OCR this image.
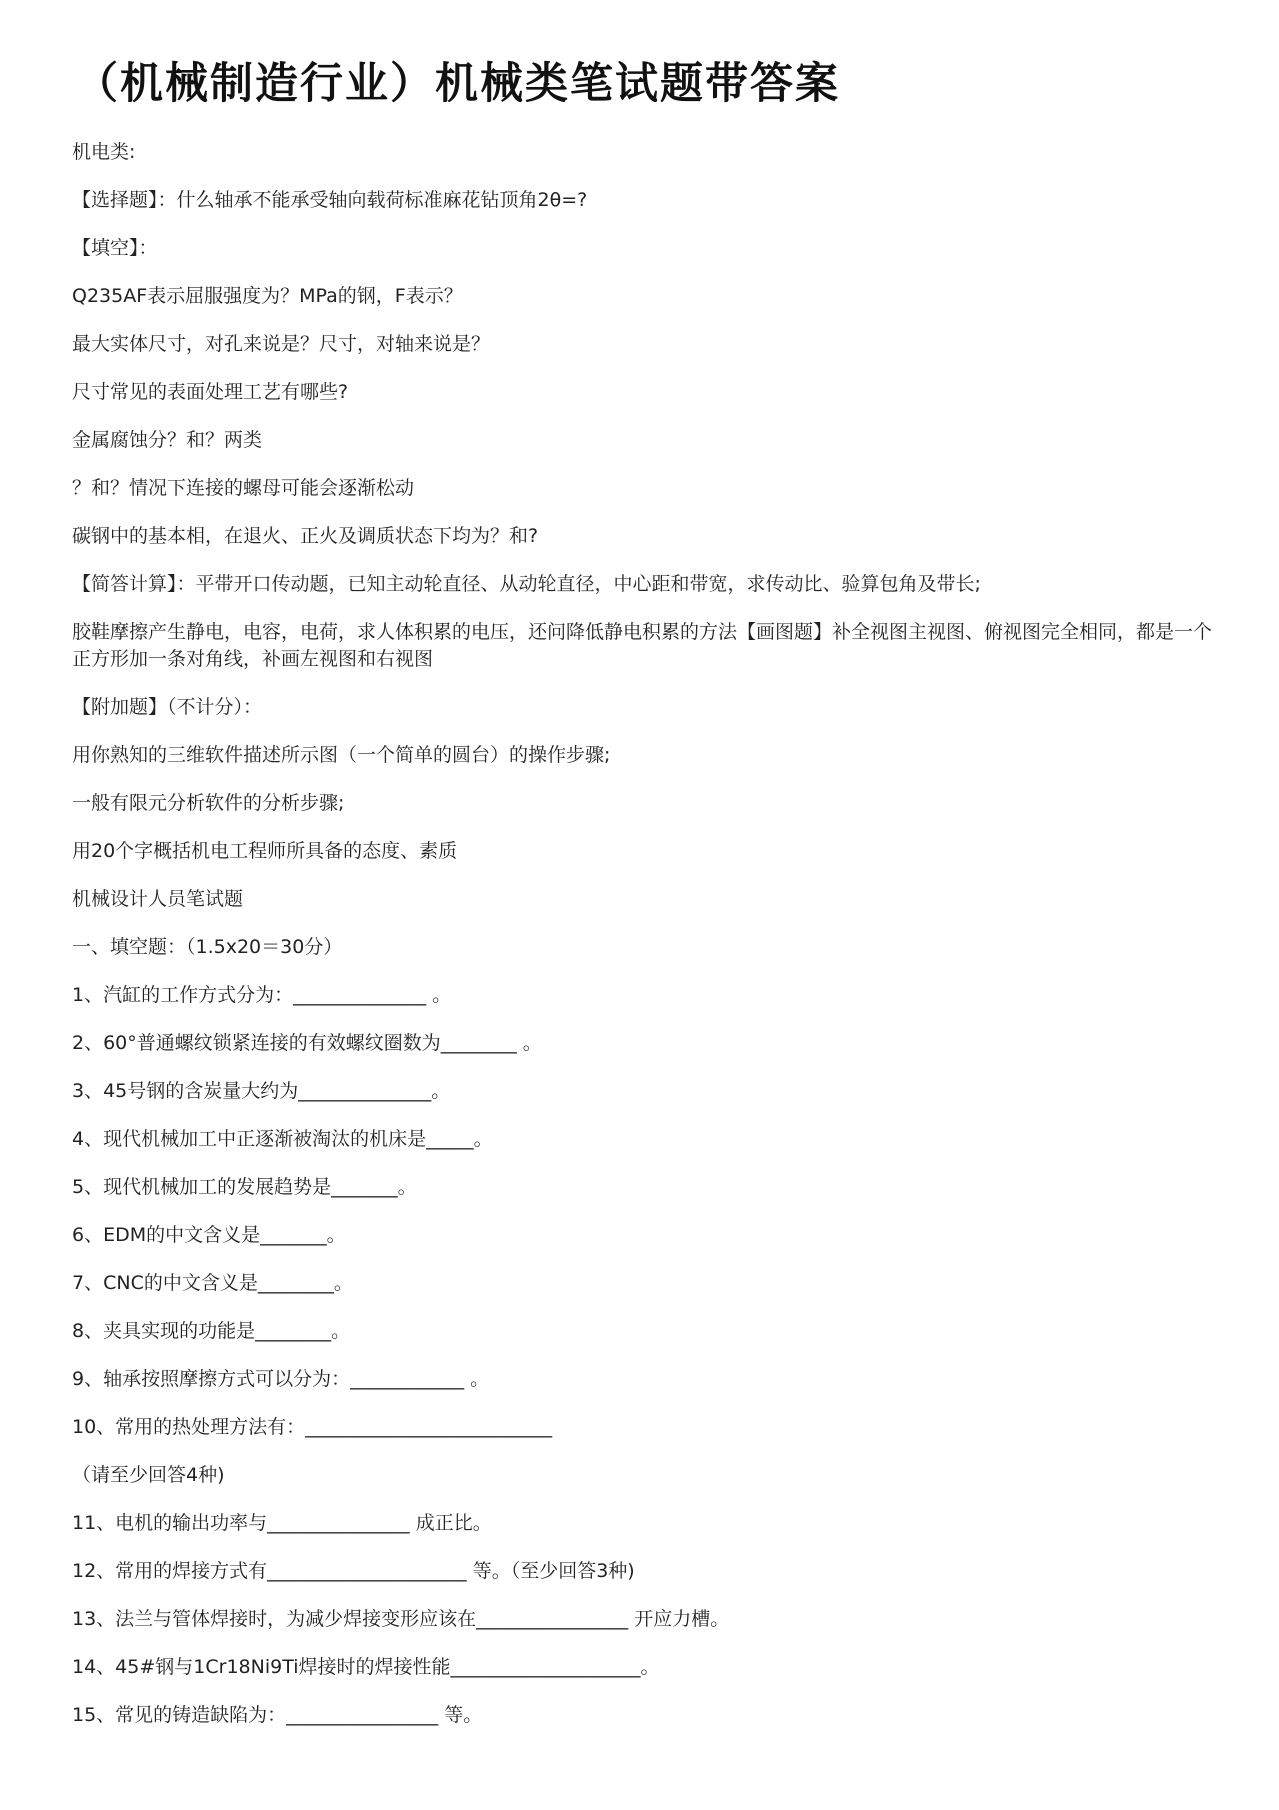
（机械制造行业）机械类笔试题带答案

机电类:

【选择题】：什么轴承不能承受轴向载荷标准麻花钻顶角2θ=?

【填空】：

Q235AF表示屈服强度为？MPa的钢，F表示？

最大实体尺寸，对孔来说是？尺寸，对轴来说是？

尺寸常见的表面处理工艺有哪些?

金属腐蚀分？和？两类

？和？情况下连接的螺母可能会逐渐松动

碳钢中的基本相，在退火、正火及调质状态下均为？和?

【简答计算】：平带开口传动题，已知主动轮直径、从动轮直径，中心距和带宽，求传动比、验算包角及带长;

胶鞋摩擦产生静电，电容，电荷，求人体积累的电压，还问降低静电积累的方法【画图题】补全视图主视图、俯视图完全相同，都是一个正方形加一条对角线，补画左视图和右视图

【附加题】（不计分）：

用你熟知的三维软件描述所示图（一个简单的圆台）的操作步骤;

一般有限元分析软件的分析步骤;

用20个字概括机电工程师所具备的态度、素质

机械设计人员笔试题

一、填空题：（1.5x20＝30分）

1、汽缸的工作方式分为：______________ 。

2、60°普通螺纹锁紧连接的有效螺纹圈数为________ 。

3、45号钢的含炭量大约为______________。

4、现代机械加工中正逐渐被淘汰的机床是_____。

5、现代机械加工的发展趋势是_______。

6、EDM的中文含义是_______。

7、CNC的中文含义是________。

8、夹具实现的功能是________。

9、轴承按照摩擦方式可以分为：____________ 。

10、常用的热处理方法有：__________________________

（请至少回答4种)

11、电机的输出功率与_______________ 成正比。

12、常用的焊接方式有_____________________ 等。（至少回答3种)

13、法兰与管体焊接时，为减少焊接变形应该在________________ 开应力槽。

14、45#钢与1Cr18Ni9Ti焊接时的焊接性能____________________。

15、常见的铸造缺陷为：________________ 等。
